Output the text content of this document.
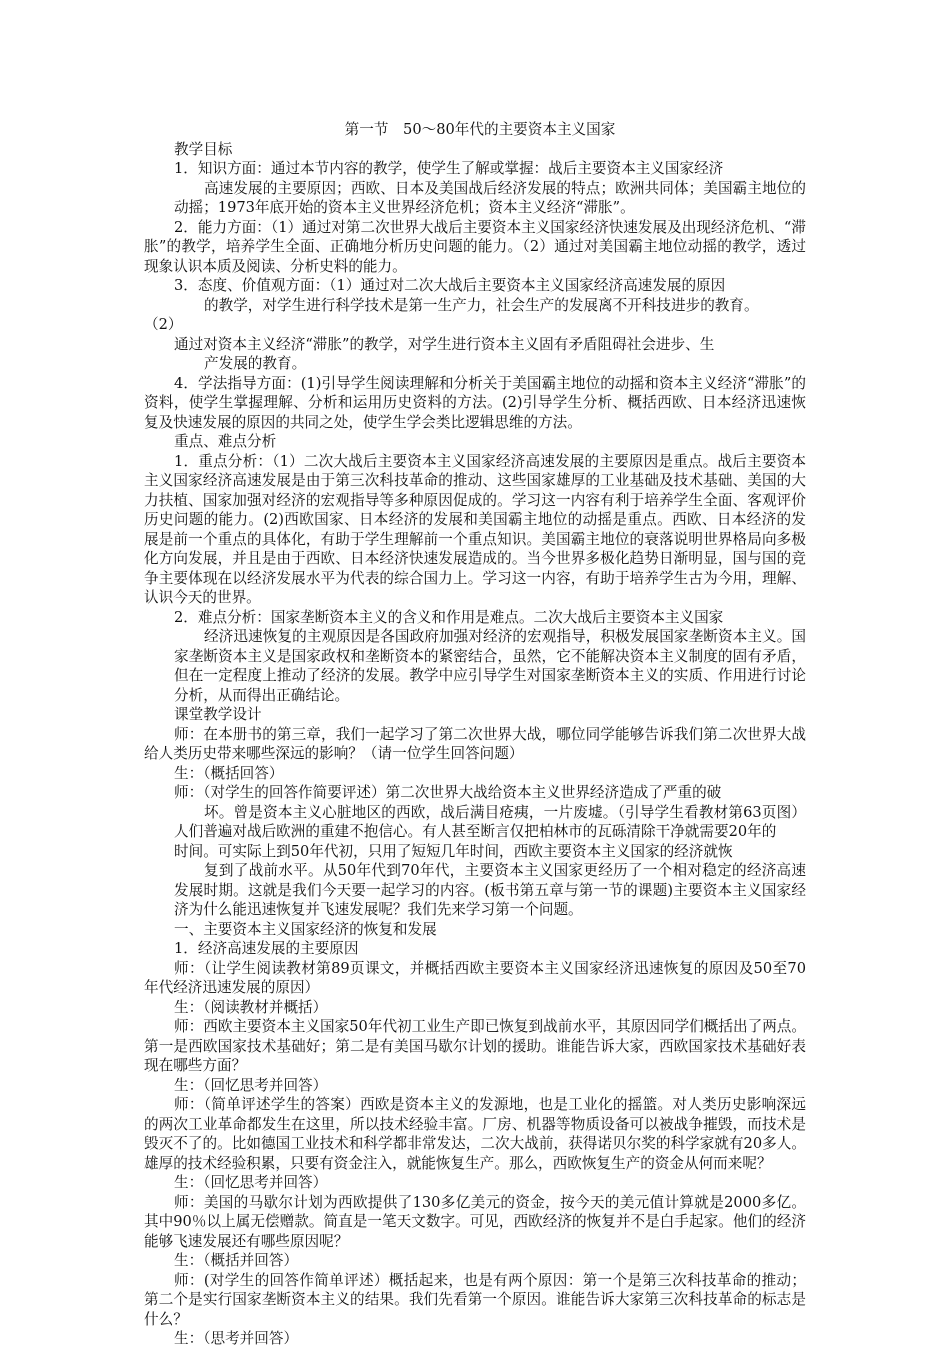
第一节　50～80年代的主要资本主义国家

教学目标

1．知识方面：通过本节内容的教学，使学生了解或掌握：战后主要资本主义国家经济

高速发展的主要原因；西欧、日本及美国战后经济发展的特点；欧洲共同体；美国霸主地位的动摇；1973年底开始的资本主义世界经济危机；资本主义经济“滞胀”。

2．能力方面：（1）通过对第二次世界大战后主要资本主义国家经济快速发展及出现经济危机、“滞胀”的教学，培养学生全面、正确地分析历史问题的能力。（2）通过对美国霸主地位动摇的教学，透过现象认识本质及阅读、分析史料的能力。

3．态度、价值观方面：（1）通过对二次大战后主要资本主义国家经济高速发展的原因

的教学，对学生进行科学技术是第一生产力，社会生产的发展离不开科技进步的教育。

（2）

通过对资本主义经济“滞胀”的教学，对学生进行资本主义固有矛盾阻碍社会进步、生

产发展的教育。

4．学法指导方面：(1)引导学生阅读理解和分析关于美国霸主地位的动摇和资本主义经济“滞胀”的资料，使学生掌握理解、分析和运用历史资料的方法。(2)引导学生分析、概括西欧、日本经济迅速恢复及快速发展的原因的共同之处，使学生学会类比逻辑思维的方法。

重点、难点分析

1．重点分析：（1）二次大战后主要资本主义国家经济高速发展的主要原因是重点。战后主要资本主义国家经济高速发展是由于第三次科技革命的推动、这些国家雄厚的工业基础及技术基础、美国的大力扶植、国家加强对经济的宏观指导等多种原因促成的。学习这一内容有利于培养学生全面、客观评价历史问题的能力。(2)西欧国家、日本经济的发展和美国霸主地位的动摇是重点。西欧、日本经济的发展是前一个重点的具体化，有助于学生理解前一个重点知识。美国霸主地位的衰落说明世界格局向多极化方向发展，并且是由于西欧、日本经济快速发展造成的。当今世界多极化趋势日渐明显，国与国的竞争主要体现在以经济发展水平为代表的综合国力上。学习这一内容，有助于培养学生古为今用，理解、认识今天的世界。

2．难点分析：国家垄断资本主义的含义和作用是难点。二次大战后主要资本主义国家

经济迅速恢复的主观原因是各国政府加强对经济的宏观指导，积极发展国家垄断资本主义。国家垄断资本主义是国家政权和垄断资本的紧密结合，虽然，它不能解决资本主义制度的固有矛盾，但在一定程度上推动了经济的发展。教学中应引导学生对国家垄断资本主义的实质、作用进行讨论分析，从而得出正确结论。

课堂教学设计

师：在本册书的第三章，我们一起学习了第二次世界大战，哪位同学能够告诉我们第二次世界大战给人类历史带来哪些深远的影响？（请一位学生回答问题）

生：（概括回答）

师：（对学生的回答作简要评述）第二次世界大战给资本主义世界经济造成了严重的破

坏。曾是资本主义心脏地区的西欧，战后满目疮痍，一片废墟。（引导学生看教材第63页图）人们普遍对战后欧洲的重建不抱信心。有人甚至断言仅把柏林市的瓦砾清除干净就需要20年的

时间。可实际上到50年代初，只用了短短几年时间，西欧主要资本主义国家的经济就恢

复到了战前水平。从50年代到70年代，主要资本主义国家更经历了一个相对稳定的经济高速发展时期。这就是我们今天要一起学习的内容。(板书第五章与第一节的课题)主要资本主义国家经济为什么能迅速恢复并飞速发展呢？我们先来学习第一个问题。

一、主要资本主义国家经济的恢复和发展

1．经济高速发展的主要原因

师：（让学生阅读教材第89页课文，并概括西欧主要资本主义国家经济迅速恢复的原因及50至70年代经济迅速发展的原因）

生：（阅读教材并概括）

师：西欧主要资本主义国家50年代初工业生产即已恢复到战前水平，其原因同学们概括出了两点。第一是西欧国家技术基础好；第二是有美国马歇尔计划的援助。谁能告诉大家，西欧国家技术基础好表现在哪些方面？

生：（回忆思考并回答）

师：（简单评述学生的答案）西欧是资本主义的发源地，也是工业化的摇篮。对人类历史影响深远的两次工业革命都发生在这里，所以技术经验丰富。厂房、机器等物质设备可以被战争摧毁，而技术是毁灭不了的。比如德国工业技术和科学都非常发达，二次大战前，获得诺贝尔奖的科学家就有20多人。雄厚的技术经验积累，只要有资金注入，就能恢复生产。那么，西欧恢复生产的资金从何而来呢？

生：（回忆思考并回答）

师：美国的马歇尔计划为西欧提供了130多亿美元的资金，按今天的美元值计算就是2000多亿。其中90％以上属无偿赠款。简直是一笔天文数字。可见，西欧经济的恢复并不是白手起家。他们的经济能够飞速发展还有哪些原因呢？

生：（概括并回答）

师：(对学生的回答作简单评述）概括起来，也是有两个原因：第一个是第三次科技革命的推动；第二个是实行国家垄断资本主义的结果。我们先看第一个原因。谁能告诉大家第三次科技革命的标志是什么？

生：（思考并回答）
